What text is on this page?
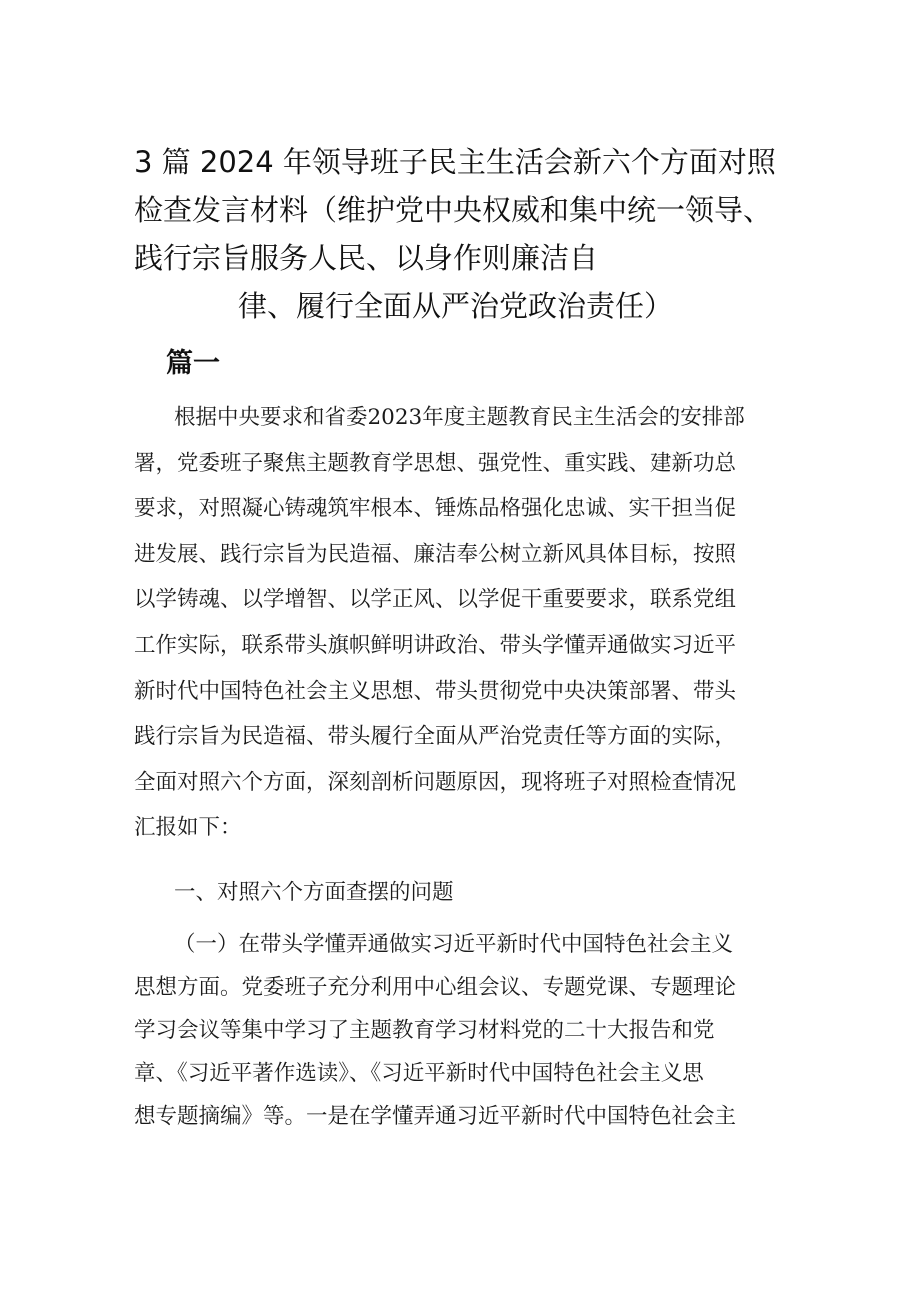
3 篇 2024 年领导班子民主生活会新六个方面对照
检查发言材料（维护党中央权威和集中统一领导、
践行宗旨服务人民、以身作则廉洁自
律、履行全面从严治党政治责任）
篇一
根据中央要求和省委2023年度主题教育民主生活会的安排部
署，党委班子聚焦主题教育学思想、强党性、重实践、建新功总
要求，对照凝心铸魂筑牢根本、锤炼品格强化忠诚、实干担当促
进发展、践行宗旨为民造福、廉洁奉公树立新风具体目标，按照
以学铸魂、以学增智、以学正风、以学促干重要要求，联系党组
工作实际，联系带头旗帜鲜明讲政治、带头学懂弄通做实习近平
新时代中国特色社会主义思想、带头贯彻党中央决策部署、带头
践行宗旨为民造福、带头履行全面从严治党责任等方面的实际，
全面对照六个方面，深刻剖析问题原因，现将班子对照检查情况
汇报如下：
一、对照六个方面查摆的问题
（一）在带头学懂弄通做实习近平新时代中国特色社会主义
思想方面。党委班子充分利用中心组会议、专题党课、专题理论
学习会议等集中学习了主题教育学习材料党的二十大报告和党
章、《习近平著作选读》、《习近平新时代中国特色社会主义思
想专题摘编》等。一是在学懂弄通习近平新时代中国特色社会主
